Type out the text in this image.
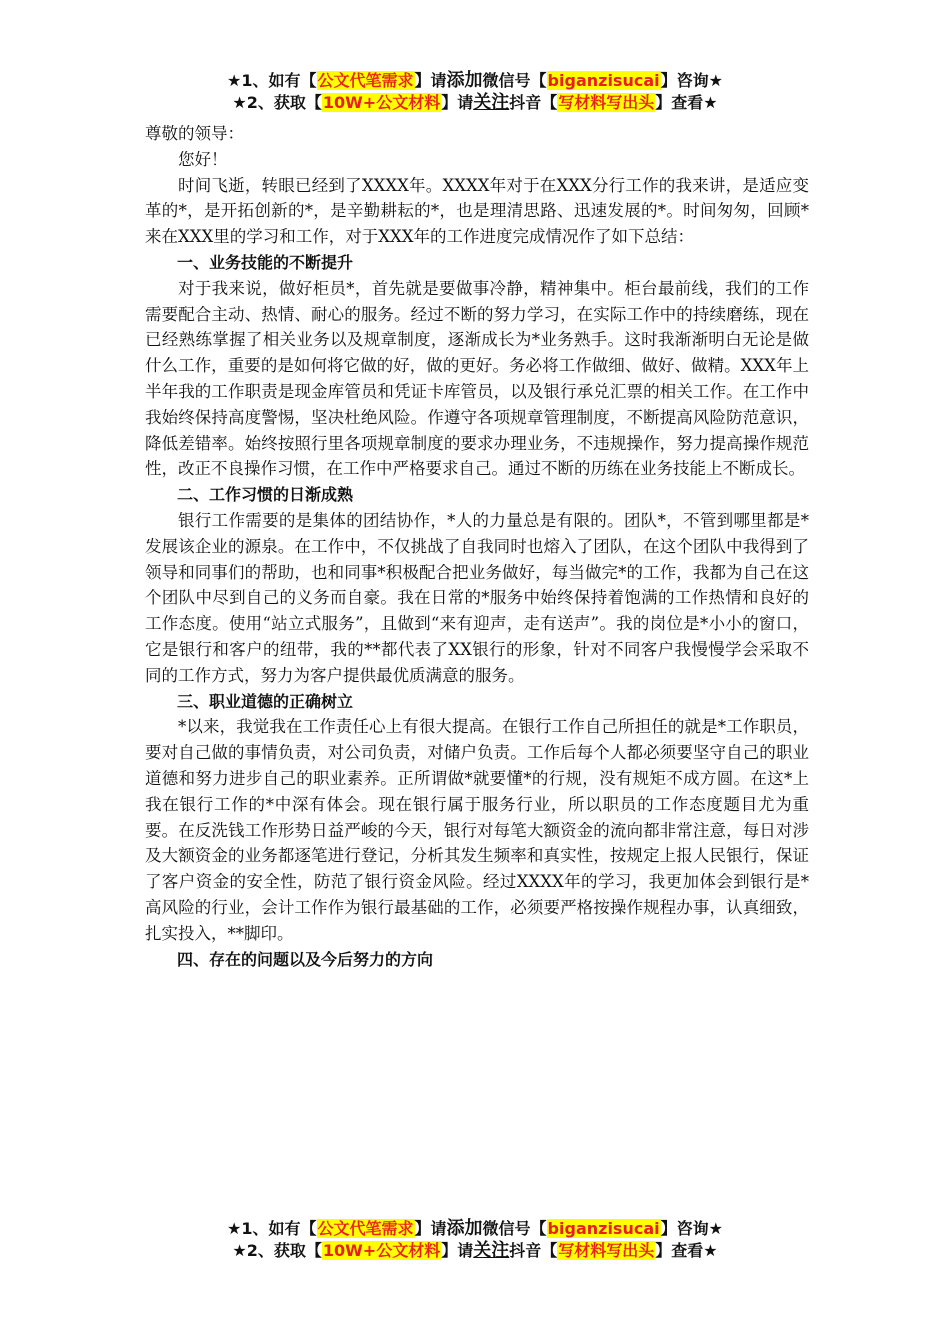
★1、如有【公文代笔需求】请添加微信号【biganzisucai】咨询★
★2、获取【10W+公文材料】请关注抖音【写材料写出头】查看★

尊敬的领导：

您好！

时间飞逝，转眼已经到了XXXX年。XXXX年对于在XXX分行工作的我来讲，是适应变革的*，是开拓创新的*，是辛勤耕耘的*，也是理清思路、迅速发展的*。时间匆匆，回顾*来在XXX里的学习和工作，对于XXX年的工作进度完成情况作了如下总结：

一、业务技能的不断提升

对于我来说，做好柜员*，首先就是要做事冷静，精神集中。柜台最前线，我们的工作需要配合主动、热情、耐心的服务。经过不断的努力学习，在实际工作中的持续磨练，现在已经熟练掌握了相关业务以及规章制度，逐渐成长为*业务熟手。这时我渐渐明白无论是做什么工作，重要的是如何将它做的好，做的更好。务必将工作做细、做好、做精。XXX年上半年我的工作职责是现金库管员和凭证卡库管员，以及银行承兑汇票的相关工作。在工作中我始终保持高度警惕，坚决杜绝风险。作遵守各项规章管理制度，不断提高风险防范意识，降低差错率。始终按照行里各项规章制度的要求办理业务，不违规操作，努力提高操作规范性，改正不良操作习惯，在工作中严格要求自己。通过不断的历练在业务技能上不断成长。

二、工作习惯的日渐成熟

银行工作需要的是集体的团结协作，*人的力量总是有限的。团队*，不管到哪里都是*发展该企业的源泉。在工作中，不仅挑战了自我同时也熔入了团队，在这个团队中我得到了领导和同事们的帮助，也和同事*积极配合把业务做好，每当做完*的工作，我都为自己在这个团队中尽到自己的义务而自豪。我在日常的*服务中始终保持着饱满的工作热情和良好的工作态度。使用“站立式服务”，且做到“来有迎声，走有送声”。我的岗位是*小小的窗口，它是银行和客户的纽带，我的**都代表了XX银行的形象，针对不同客户我慢慢学会采取不同的工作方式，努力为客户提供最优质满意的服务。

三、职业道德的正确树立

*以来，我觉我在工作责任心上有很大提高。在银行工作自己所担任的就是*工作职员，要对自己做的事情负责，对公司负责，对储户负责。工作后每个人都必须要坚守自己的职业道德和努力进步自己的职业素养。正所谓做*就要懂*的行规，没有规矩不成方圆。在这*上我在银行工作的*中深有体会。现在银行属于服务行业，所以职员的工作态度题目尤为重要。在反洗钱工作形势日益严峻的今天，银行对每笔大额资金的流向都非常注意，每日对涉及大额资金的业务都逐笔进行登记，分析其发生频率和真实性，按规定上报人民银行，保证了客户资金的安全性，防范了银行资金风险。经过XXXX年的学习，我更加体会到银行是*高风险的行业，会计工作作为银行最基础的工作，必须要严格按操作规程办事，认真细致，扎实投入，**脚印。

四、存在的问题以及今后努力的方向

★1、如有【公文代笔需求】请添加微信号【biganzisucai】咨询★
★2、获取【10W+公文材料】请关注抖音【写材料写出头】查看★
